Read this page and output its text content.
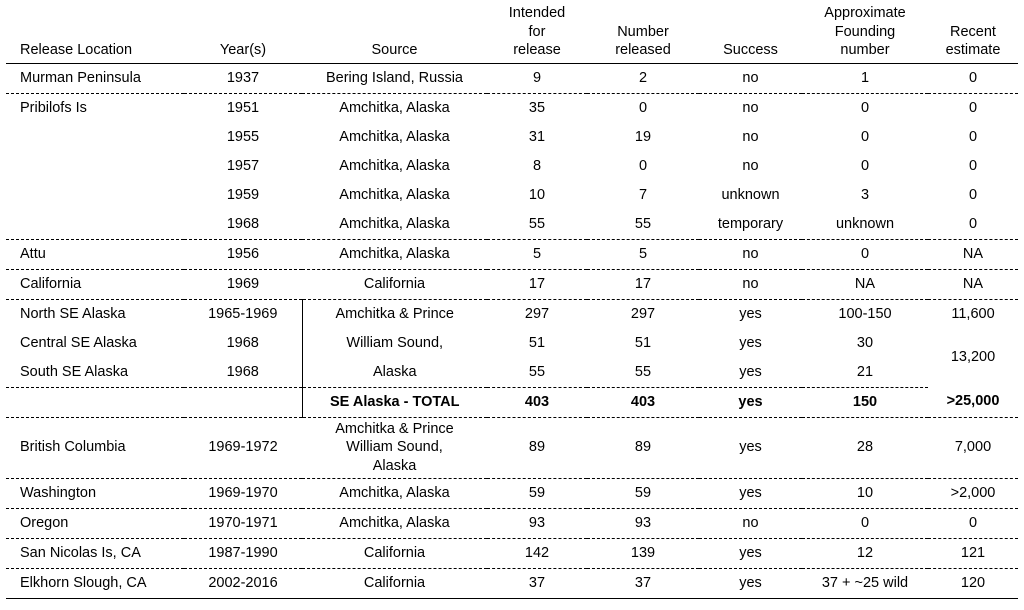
Release Location	Year(s)	Source	Intended
for
release	Number
released	Success	Approximate
Founding
number	Recent
estimate
Murman Peninsula	1937	Bering Island, Russia	9	2	no	1	0
Pribilofs Is	1951	Amchitka, Alaska	35	0	no	0	0
	1955	Amchitka, Alaska	31	19	no	0	0
	1957	Amchitka, Alaska	8	0	no	0	0
	1959	Amchitka, Alaska	10	7	unknown	3	0
	1968	Amchitka, Alaska	55	55	temporary	unknown	0
Attu	1956	Amchitka, Alaska	5	5	no	0	NA
California	1969	California	17	17	no	NA	NA
North SE Alaska	1965-1969	Amchitka & Prince	297	297	yes	100-150	11,600
Central SE Alaska	1968	William Sound,	51	51	yes	30	13,200
South SE Alaska	1968	Alaska	55	55	yes	21	
		SE Alaska - TOTAL	403	403	yes	150	>25,000
British Columbia	1969-1972	Amchitka & Prince
William Sound,
Alaska	89	89	yes	28	7,000
Washington	1969-1970	Amchitka, Alaska	59	59	yes	10	>2,000
Oregon	1970-1971	Amchitka, Alaska	93	93	no	0	0
San Nicolas Is, CA	1987-1990	California	142	139	yes	12	121
Elkhorn Slough, CA	2002-2016	California	37	37	yes	37 + ~25 wild	120
